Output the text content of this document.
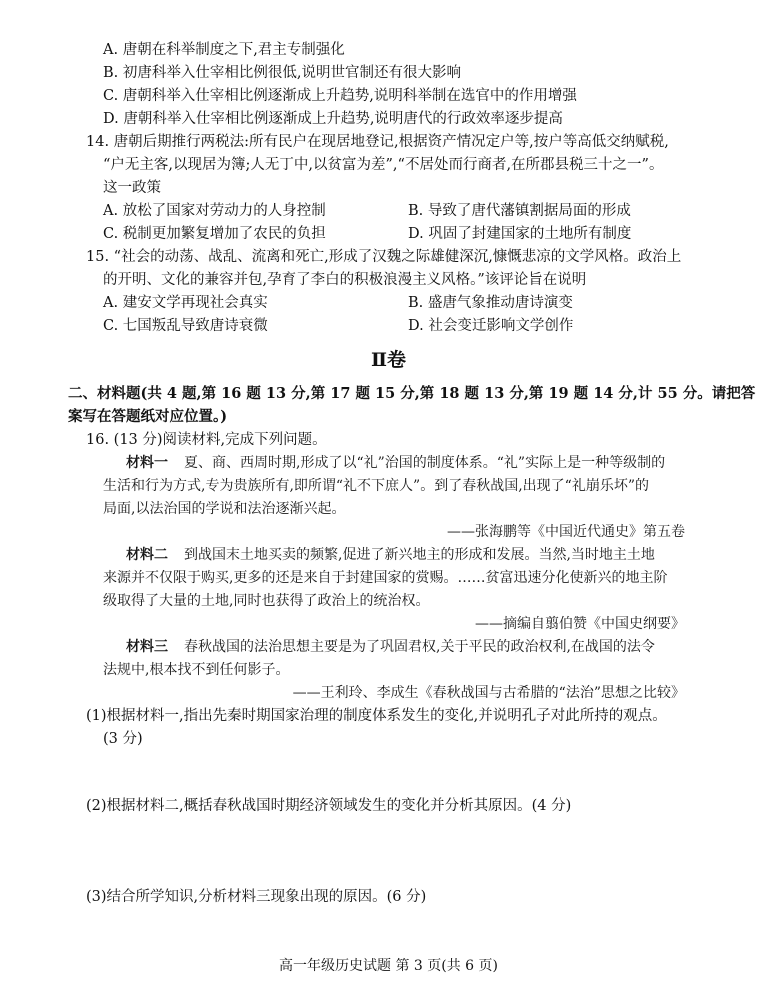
A. 唐朝在科举制度之下,君主专制强化
B. 初唐科举入仕宰相比例很低,说明世官制还有很大影响
C. 唐朝科举入仕宰相比例逐渐成上升趋势,说明科举制在选官中的作用增强
D. 唐朝科举入仕宰相比例逐渐成上升趋势,说明唐代的行政效率逐步提高
14. 唐朝后期推行两税法:所有民户在现居地登记,根据资产情况定户等,按户等高低交纳赋税,
“户无主客,以现居为簿;人无丁中,以贫富为差”,“不居处而行商者,在所郡县税三十之一”。
这一政策
A. 放松了国家对劳动力的人身控制	B. 导致了唐代藩镇割据局面的形成
C. 税制更加繁复增加了农民的负担	D. 巩固了封建国家的土地所有制度
15. “社会的动荡、战乱、流离和死亡,形成了汉魏之际雄健深沉,慷慨悲凉的文学风格。政治上
的开明、文化的兼容并包,孕育了李白的积极浪漫主义风格。”该评论旨在说明
A. 建安文学再现社会真实	B. 盛唐气象推动唐诗演变
C. 七国叛乱导致唐诗衰微	D. 社会变迁影响文学创作
Ⅱ卷
二、材料题(共 4 题,第 16 题 13 分,第 17 题 15 分,第 18 题 13 分,第 19 题 14 分,计 55 分。请把答
案写在答题纸对应位置。)
16. (13 分)阅读材料,完成下列问题。
材料一 夏、商、西周时期,形成了以“礼”治国的制度体系。“礼”实际上是一种等级制的
生活和行为方式,专为贵族所有,即所谓“礼不下庶人”。到了春秋战国,出现了“礼崩乐坏”的
局面,以法治国的学说和法治逐渐兴起。
——张海鹏等《中国近代通史》第五卷
材料二 到战国末土地买卖的频繁,促进了新兴地主的形成和发展。当然,当时地主土地
来源并不仅限于购买,更多的还是来自于封建国家的赏赐。……贫富迅速分化使新兴的地主阶
级取得了大量的土地,同时也获得了政治上的统治权。
——摘编自翦伯赞《中国史纲要》
材料三 春秋战国的法治思想主要是为了巩固君权,关于平民的政治权利,在战国的法令
法规中,根本找不到任何影子。
——王利玲、李成生《春秋战国与古希腊的“法治”思想之比较》
(1)根据材料一,指出先秦时期国家治理的制度体系发生的变化,并说明孔子对此所持的观点。
(3 分)
(2)根据材料二,概括春秋战国时期经济领域发生的变化并分析其原因。(4 分)
(3)结合所学知识,分析材料三现象出现的原因。(6 分)
高一年级历史试题 第 3 页(共 6 页)
